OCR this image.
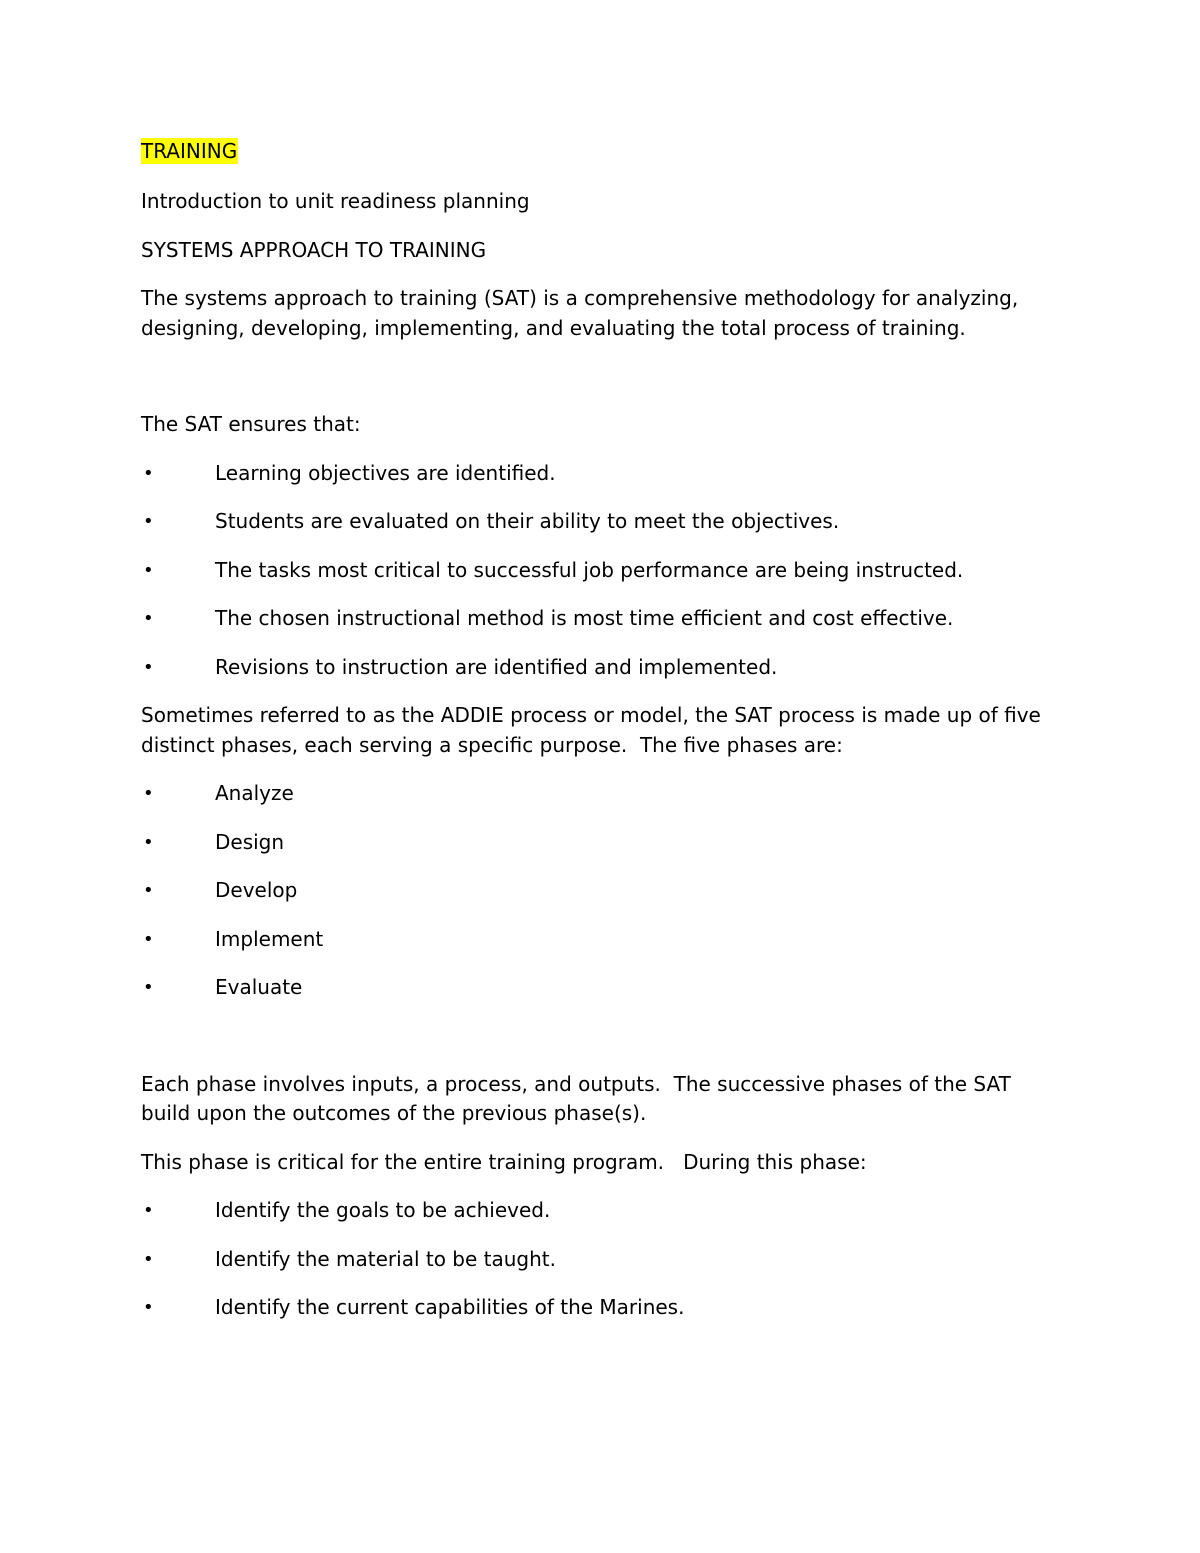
TRAINING

Introduction to unit readiness planning

SYSTEMS APPROACH TO TRAINING

The systems approach to training (SAT) is a comprehensive methodology for analyzing, designing, developing, implementing, and evaluating the total process of training.

The SAT ensures that:

•	Learning objectives are identified.
•	Students are evaluated on their ability to meet the objectives.
•	The tasks most critical to successful job performance are being instructed.
•	The chosen instructional method is most time efficient and cost effective.
•	Revisions to instruction are identified and implemented.

Sometimes referred to as the ADDIE process or model, the SAT process is made up of five distinct phases, each serving a specific purpose.  The five phases are:

•	Analyze
•	Design
•	Develop
•	Implement
•	Evaluate

Each phase involves inputs, a process, and outputs.  The successive phases of the SAT build upon the outcomes of the previous phase(s).

This phase is critical for the entire training program.   During this phase:

•	Identify the goals to be achieved.
•	Identify the material to be taught.
•	Identify the current capabilities of the Marines.
